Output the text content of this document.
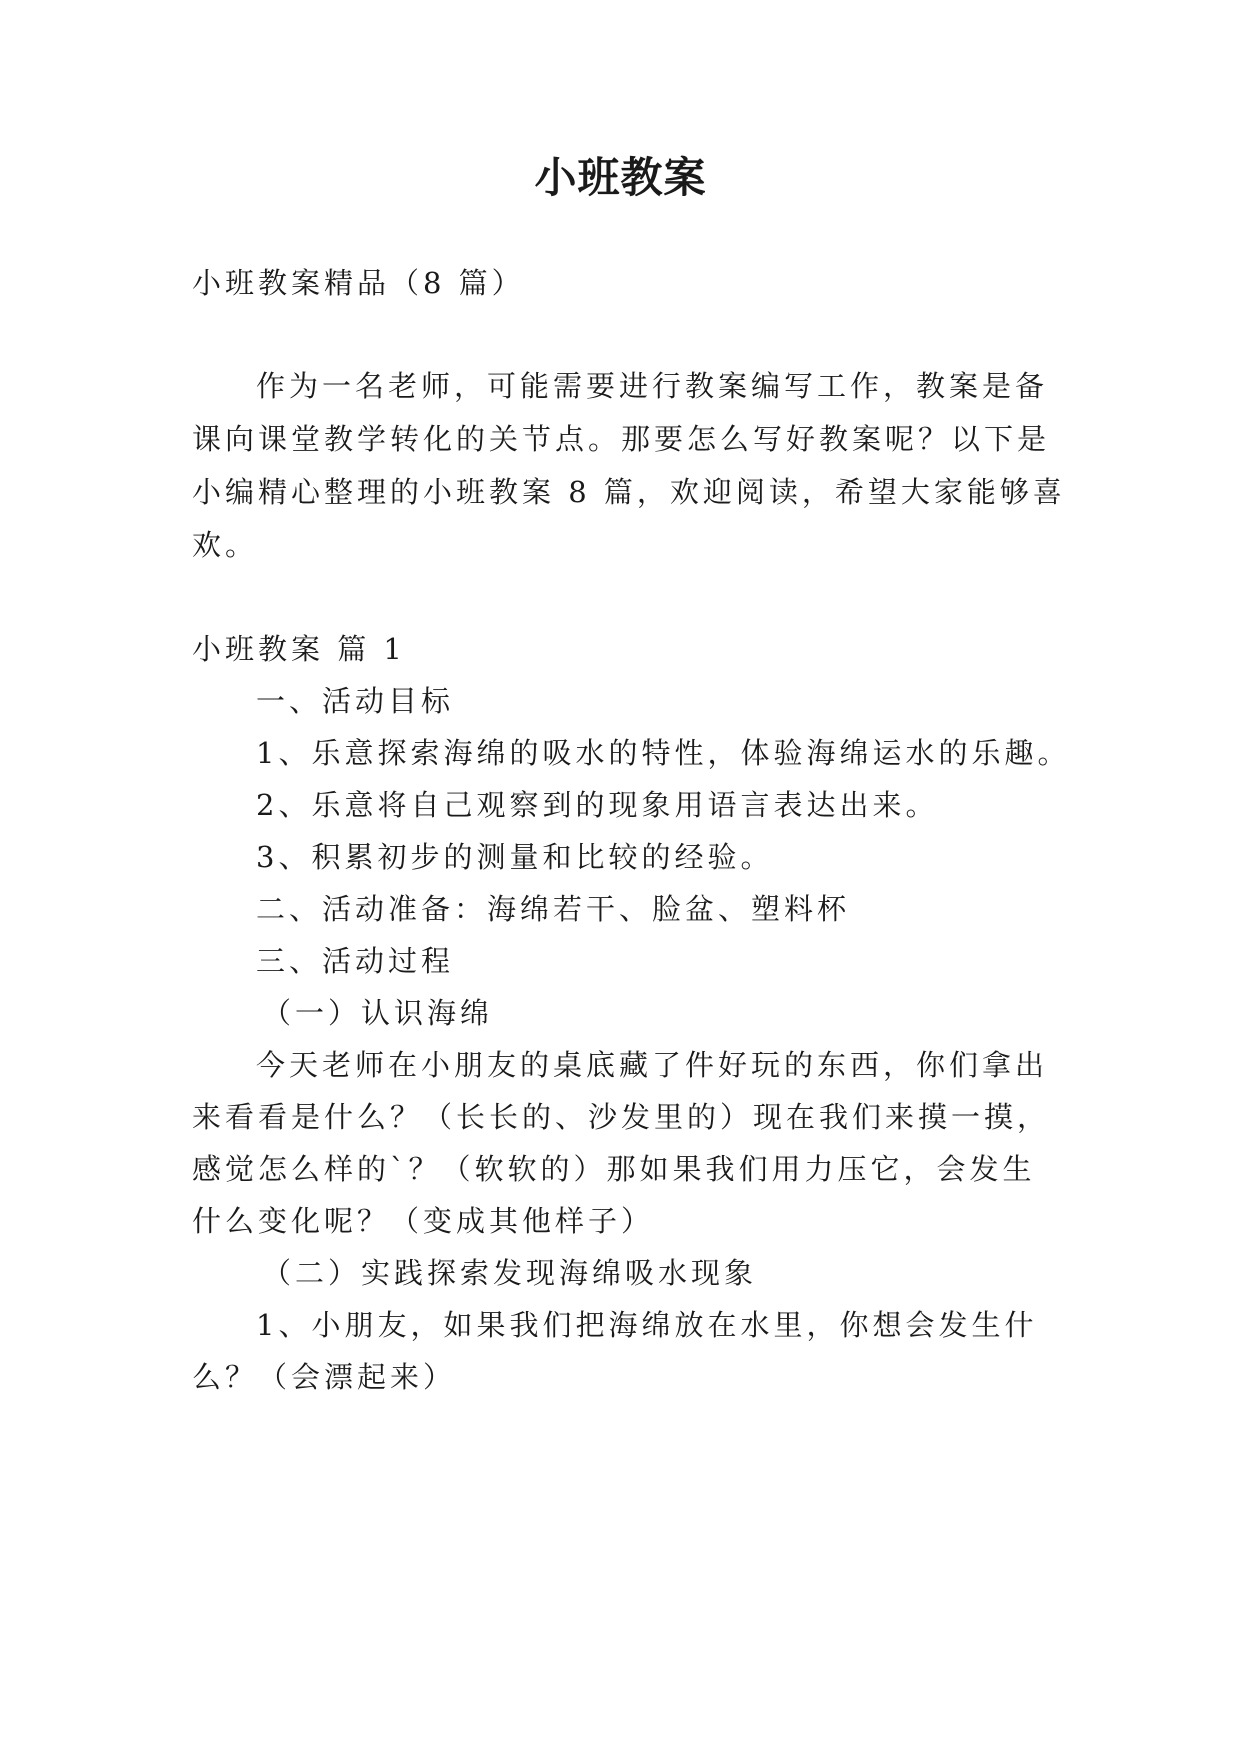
小班教案
小班教案精品（8 篇）
作为一名老师，可能需要进行教案编写工作，教案是备
课向课堂教学转化的关节点。那要怎么写好教案呢？以下是
小编精心整理的小班教案 8 篇，欢迎阅读，希望大家能够喜
欢。
小班教案 篇 1
一、活动目标
1、乐意探索海绵的吸水的特性，体验海绵运水的乐趣。
2、乐意将自己观察到的现象用语言表达出来。
3、积累初步的测量和比较的经验。
二、活动准备：海绵若干、脸盆、塑料杯
三、活动过程
（一）认识海绵
今天老师在小朋友的桌底藏了件好玩的东西，你们拿出
来看看是什么？（长长的、沙发里的）现在我们来摸一摸，
感觉怎么样的`？（软软的）那如果我们用力压它，会发生
什么变化呢？（变成其他样子）
（二）实践探索发现海绵吸水现象
1、小朋友，如果我们把海绵放在水里，你想会发生什
么？（会漂起来）
